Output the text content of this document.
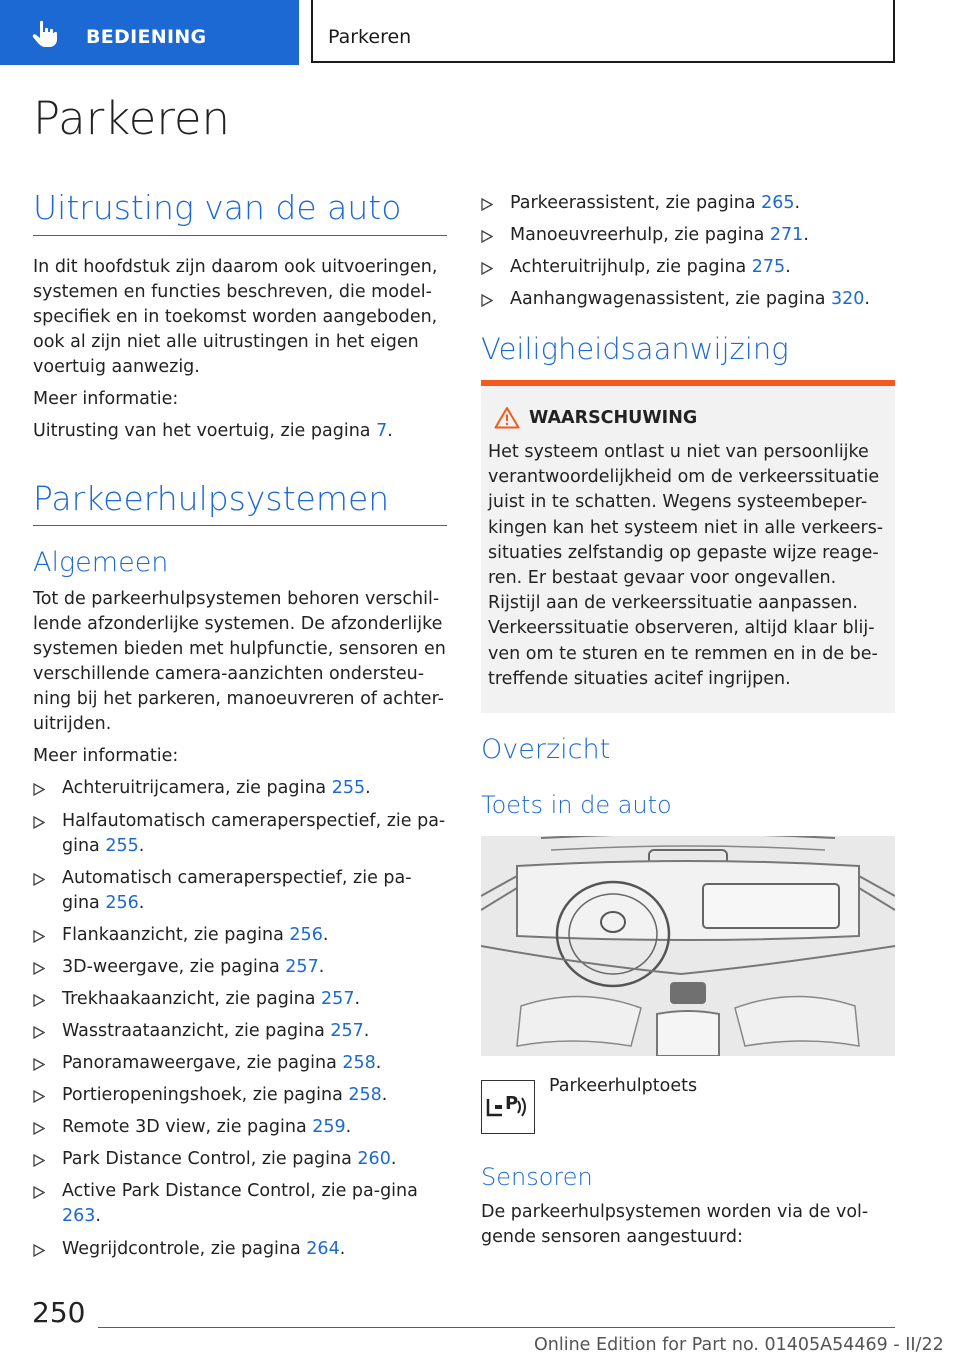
BEDIENING	Parkeren
Parkeren
Uitrusting van de auto
In dit hoofdstuk zijn daarom ook uitvoeringen, systemen en functies beschreven, die model-specifiek en in toekomst worden aangeboden, ook al zijn niet alle uitrustingen in het eigen voertuig aanwezig.
Meer informatie:
Uitrusting van het voertuig, zie pagina 7.
Parkeerhulpsystemen
Algemeen
Tot de parkeerhulpsystemen behoren verschil-lende afzonderlijke systemen. De afzonderlijke systemen bieden met hulpfunctie, sensoren en verschillende camera-aanzichten ondersteu-ning bij het parkeren, manoeuvreren of achter-uitrijden.
Meer informatie:
Achteruitrijcamera, zie pagina 255.
Halfautomatisch cameraperspectief, zie pa-gina 255.
Automatisch cameraperspectief, zie pa-gina 256.
Flankaanzicht, zie pagina 256.
3D-weergave, zie pagina 257.
Trekhaakaanzicht, zie pagina 257.
Wasstraataanzicht, zie pagina 257.
Panoramaweergave, zie pagina 258.
Portieropeningshoek, zie pagina 258.
Remote 3D view, zie pagina 259.
Park Distance Control, zie pagina 260.
Active Park Distance Control, zie pa-gina 263.
Wegrijdcontrole, zie pagina 264.
Parkeerassistent, zie pagina 265.
Manoeuvreerhulp, zie pagina 271.
Achteruitrijhulp, zie pagina 275.
Aanhangwagenassistent, zie pagina 320.
Veiligheidsaanwijzing
WAARSCHUWING
Het systeem ontlast u niet van persoonlijke verantwoordelijkheid om de verkeerssituatie juist in te schatten. Wegens systeembeper-kingen kan het systeem niet in alle verkeers-situaties zelfstandig op gepaste wijze reage-ren. Er bestaat gevaar voor ongevallen. Rijstijl aan de verkeerssituatie aanpassen. Verkeerssituatie observeren, altijd klaar blij-ven om te sturen en te remmen en in de be-treffende situaties acitef ingrijpen.
Overzicht
Toets in de auto
P
Parkeerhulptoets
Sensoren
De parkeerhulpsystemen worden via de vol-gende sensoren aangestuurd:
250
Online Edition for Part no. 01405A54469 - II/22
